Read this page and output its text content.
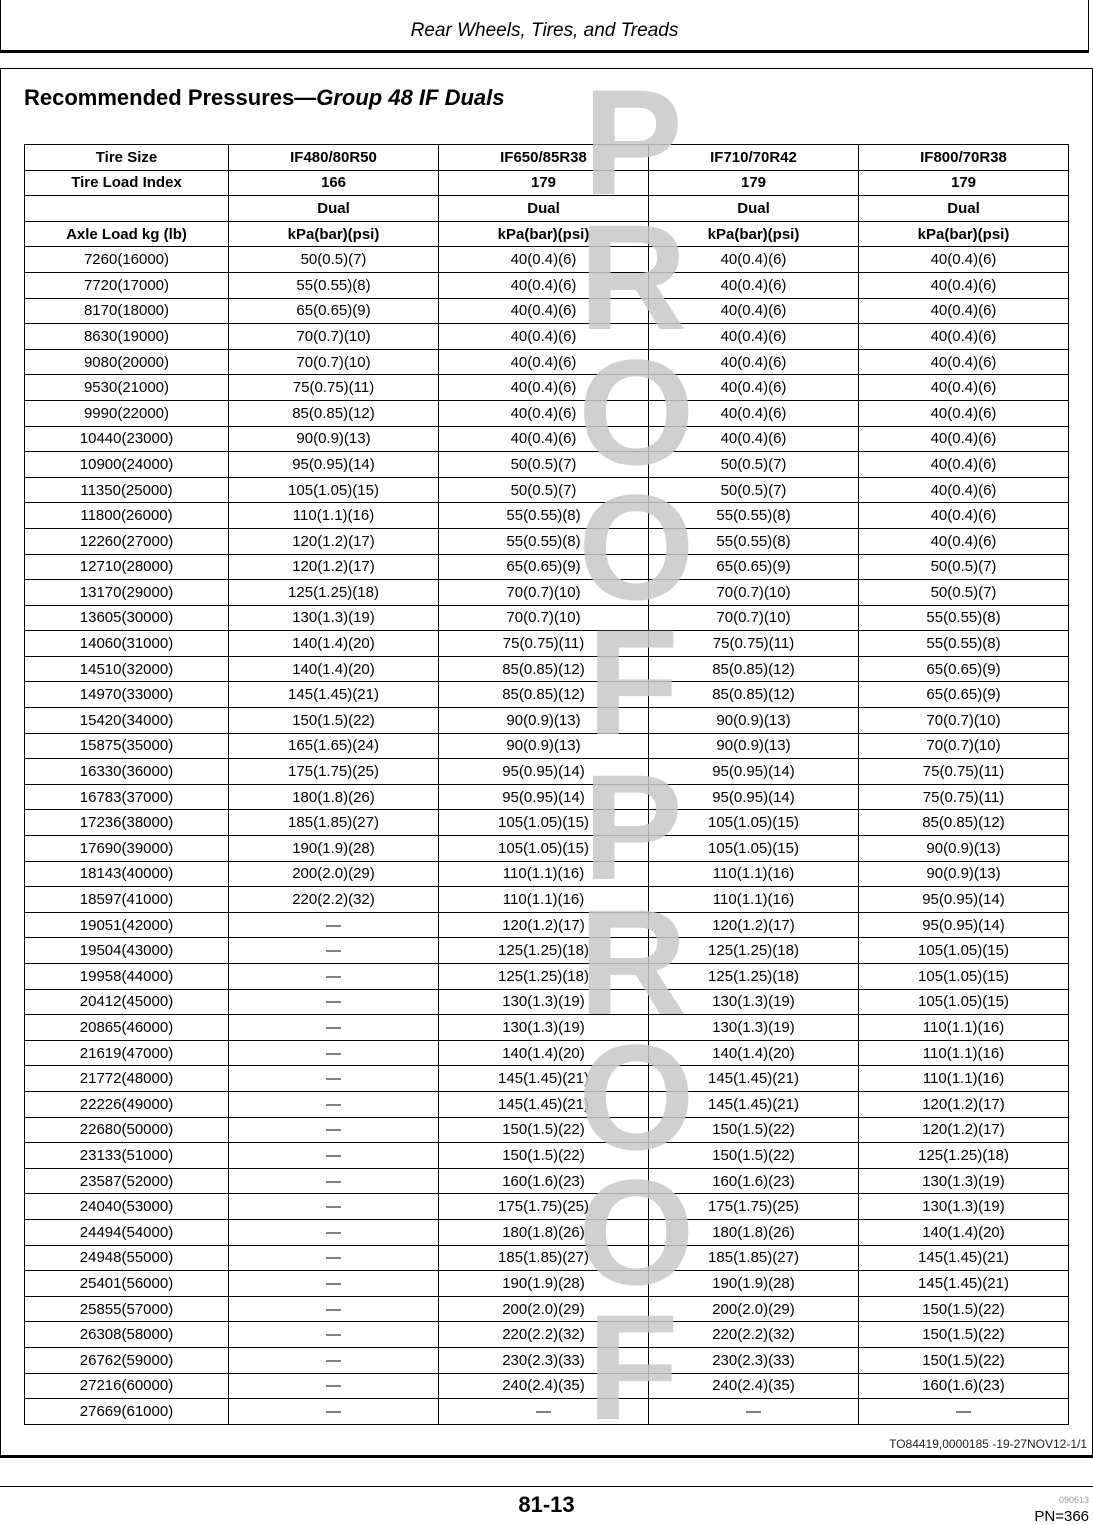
Rear Wheels, Tires, and Treads
Recommended Pressures—Group 48 IF Duals P
R
O
O
F
P
R
O
O
F
Tire Size	IF480/80R50	IF650/85R38	IF710/70R42	IF800/70R38
Tire Load Index	166	179	179	179
	Dual	Dual	Dual	Dual
Axle Load kg (lb)	kPa(bar)(psi)	kPa(bar)(psi)	kPa(bar)(psi)	kPa(bar)(psi)
7260(16000)	50(0.5)(7)	40(0.4)(6)	40(0.4)(6)	40(0.4)(6)
7720(17000)	55(0.55)(8)	40(0.4)(6)	40(0.4)(6)	40(0.4)(6)
8170(18000)	65(0.65)(9)	40(0.4)(6)	40(0.4)(6)	40(0.4)(6)
8630(19000)	70(0.7)(10)	40(0.4)(6)	40(0.4)(6)	40(0.4)(6)
9080(20000)	70(0.7)(10)	40(0.4)(6)	40(0.4)(6)	40(0.4)(6)
9530(21000)	75(0.75)(11)	40(0.4)(6)	40(0.4)(6)	40(0.4)(6)
9990(22000)	85(0.85)(12)	40(0.4)(6)	40(0.4)(6)	40(0.4)(6)
10440(23000)	90(0.9)(13)	40(0.4)(6)	40(0.4)(6)	40(0.4)(6)
10900(24000)	95(0.95)(14)	50(0.5)(7)	50(0.5)(7)	40(0.4)(6)
11350(25000)	105(1.05)(15)	50(0.5)(7)	50(0.5)(7)	40(0.4)(6)
11800(26000)	110(1.1)(16)	55(0.55)(8)	55(0.55)(8)	40(0.4)(6)
12260(27000)	120(1.2)(17)	55(0.55)(8)	55(0.55)(8)	40(0.4)(6)
12710(28000)	120(1.2)(17)	65(0.65)(9)	65(0.65)(9)	50(0.5)(7)
13170(29000)	125(1.25)(18)	70(0.7)(10)	70(0.7)(10)	50(0.5)(7)
13605(30000)	130(1.3)(19)	70(0.7)(10)	70(0.7)(10)	55(0.55)(8)
14060(31000)	140(1.4)(20)	75(0.75)(11)	75(0.75)(11)	55(0.55)(8)
14510(32000)	140(1.4)(20)	85(0.85)(12)	85(0.85)(12)	65(0.65)(9)
14970(33000)	145(1.45)(21)	85(0.85)(12)	85(0.85)(12)	65(0.65)(9)
15420(34000)	150(1.5)(22)	90(0.9)(13)	90(0.9)(13)	70(0.7)(10)
15875(35000)	165(1.65)(24)	90(0.9)(13)	90(0.9)(13)	70(0.7)(10)
16330(36000)	175(1.75)(25)	95(0.95)(14)	95(0.95)(14)	75(0.75)(11)
16783(37000)	180(1.8)(26)	95(0.95)(14)	95(0.95)(14)	75(0.75)(11)
17236(38000)	185(1.85)(27)	105(1.05)(15)	105(1.05)(15)	85(0.85)(12)
17690(39000)	190(1.9)(28)	105(1.05)(15)	105(1.05)(15)	90(0.9)(13)
18143(40000)	200(2.0)(29)	110(1.1)(16)	110(1.1)(16)	90(0.9)(13)
18597(41000)	220(2.2)(32)	110(1.1)(16)	110(1.1)(16)	95(0.95)(14)
19051(42000)	—	120(1.2)(17)	120(1.2)(17)	95(0.95)(14)
19504(43000)	—	125(1.25)(18)	125(1.25)(18)	105(1.05)(15)
19958(44000)	—	125(1.25)(18)	125(1.25)(18)	105(1.05)(15)
20412(45000)	—	130(1.3)(19)	130(1.3)(19)	105(1.05)(15)
20865(46000)	—	130(1.3)(19)	130(1.3)(19)	110(1.1)(16)
21619(47000)	—	140(1.4)(20)	140(1.4)(20)	110(1.1)(16)
21772(48000)	—	145(1.45)(21)	145(1.45)(21)	110(1.1)(16)
22226(49000)	—	145(1.45)(21)	145(1.45)(21)	120(1.2)(17)
22680(50000)	—	150(1.5)(22)	150(1.5)(22)	120(1.2)(17)
23133(51000)	—	150(1.5)(22)	150(1.5)(22)	125(1.25)(18)
23587(52000)	—	160(1.6)(23)	160(1.6)(23)	130(1.3)(19)
24040(53000)	—	175(1.75)(25)	175(1.75)(25)	130(1.3)(19)
24494(54000)	—	180(1.8)(26)	180(1.8)(26)	140(1.4)(20)
24948(55000)	—	185(1.85)(27)	185(1.85)(27)	145(1.45)(21)
25401(56000)	—	190(1.9)(28)	190(1.9)(28)	145(1.45)(21)
25855(57000)	—	200(2.0)(29)	200(2.0)(29)	150(1.5)(22)
26308(58000)	—	220(2.2)(32)	220(2.2)(32)	150(1.5)(22)
26762(59000)	—	230(2.3)(33)	230(2.3)(33)	150(1.5)(22)
27216(60000)	—	240(2.4)(35)	240(2.4)(35)	160(1.6)(23)
27669(61000)	—	—	—	—
TO84419,0000185 -19-27NOV12-1/1
81-13	090613
PN=366
